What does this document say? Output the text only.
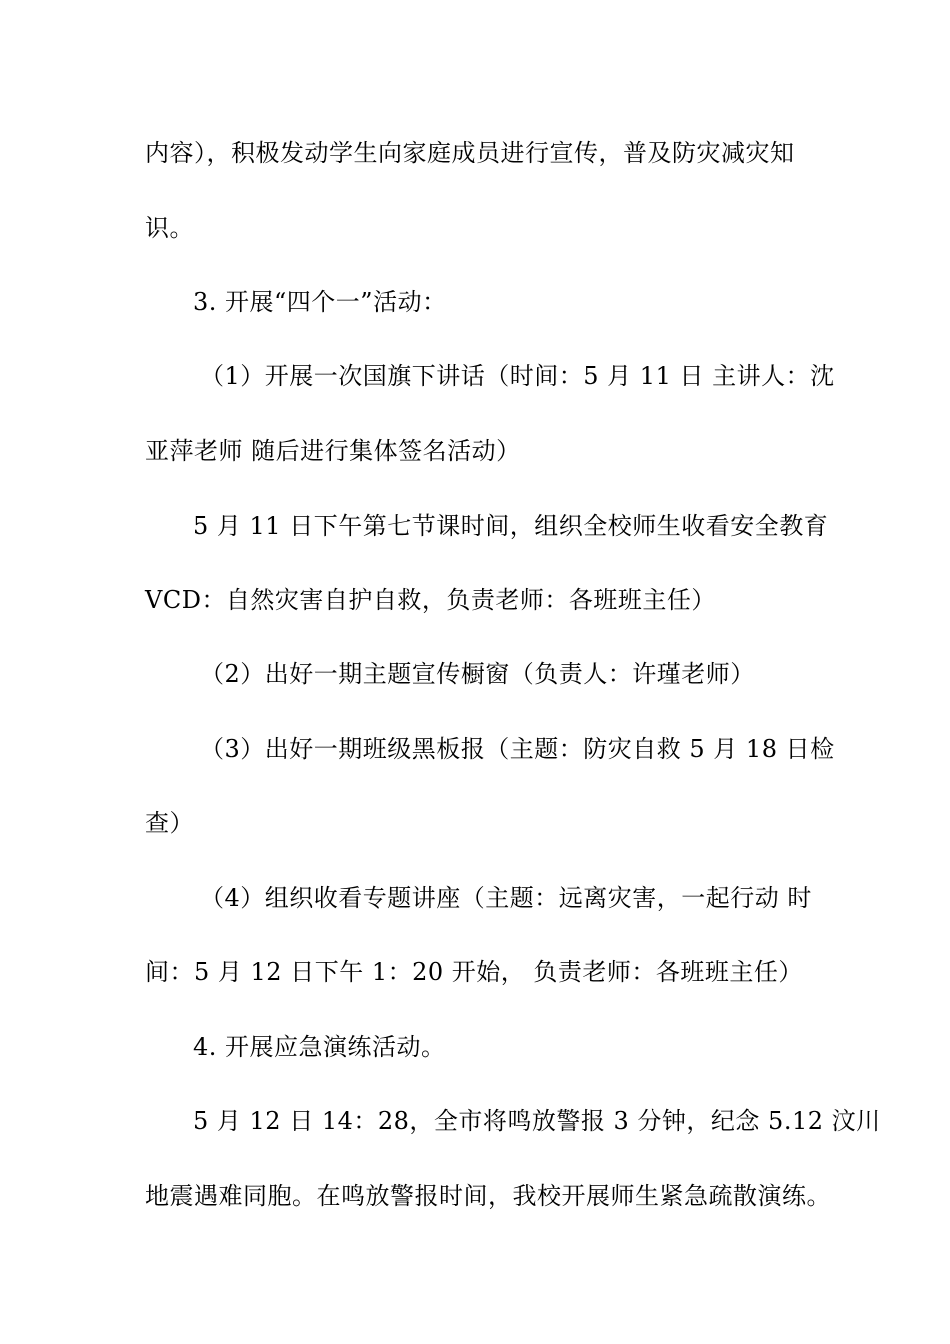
内容），积极发动学生向家庭成员进行宣传，普及防灾减灾知
识。
3. 开展“四个一”活动：
（1）开展一次国旗下讲话（时间：5 月 11 日 主讲人：沈
亚萍老师 随后进行集体签名活动）
5 月 11 日下午第七节课时间，组织全校师生收看安全教育
VCD：自然灾害自护自救，负责老师：各班班主任）
（2）出好一期主题宣传橱窗（负责人：许瑾老师）
（3）出好一期班级黑板报（主题：防灾自救 5 月 18 日检
查）
（4）组织收看专题讲座（主题：远离灾害，一起行动 时
间：5 月 12 日下午 1：20 开始， 负责老师：各班班主任）
4. 开展应急演练活动。
5 月 12 日 14：28，全市将鸣放警报 3 分钟，纪念 5.12 汶川
地震遇难同胞。在鸣放警报时间，我校开展师生紧急疏散演练。
